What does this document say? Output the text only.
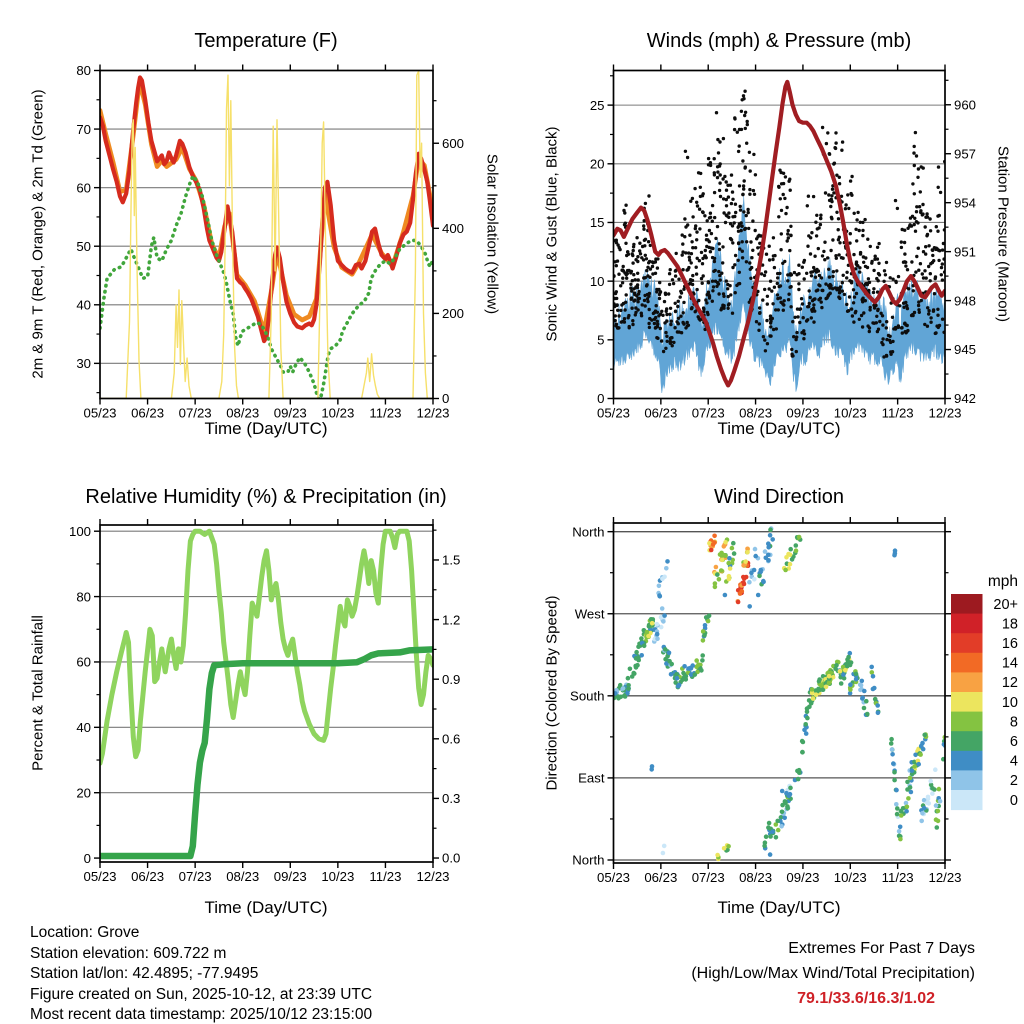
05/23 06/23 07/23 08/23 09/23 10/23 11/23 12/23
30
40
50
60
70
80
0
200
400
600
05/23 06/23 07/23 08/23 09/23 10/23 11/23 12/23
0
5
10
15
20
25
942
945
948
951
954
957
960
05/23 06/23 07/23 08/23 09/23 10/23 11/23 12/23
0
20
40
60
80
100
0.0
0.3
0.6
0.9
1.2
1.5
05/23 06/23 07/23 08/23 09/23 10/23 11/23 12/23
North
West
South
East
North
20+
18
16
14
12
10
8
6
4
2
0
mph
Temperature (F)	Winds (mph) & Pressure (mb)
Relative Humidity (%) & Precipitation (in)	Wind Direction
Time (Day/UTC)	Time (Day/UTC)
Time (Day/UTC)	Time (Day/UTC)
2m & 9m T (Red, Orange) & 2m Td (Green)	Solar Insolation (Yellow)	Sonic Wind & Gust (Blue, Black)	Station Pressure (Maroon)
Percent & Total Rainfall	Direction (Colored By Speed)
Location: Grove
Station elevation: 609.722 m
Station lat/lon: 42.4895; -77.9495
Figure created on Sun, 2025-10-12, at 23:39 UTC
Most recent data timestamp: 2025/10/12 23:15:00
Extremes For Past 7 Days
(High/Low/Max Wind/Total Precipitation)
79.1/33.6/16.3/1.02
